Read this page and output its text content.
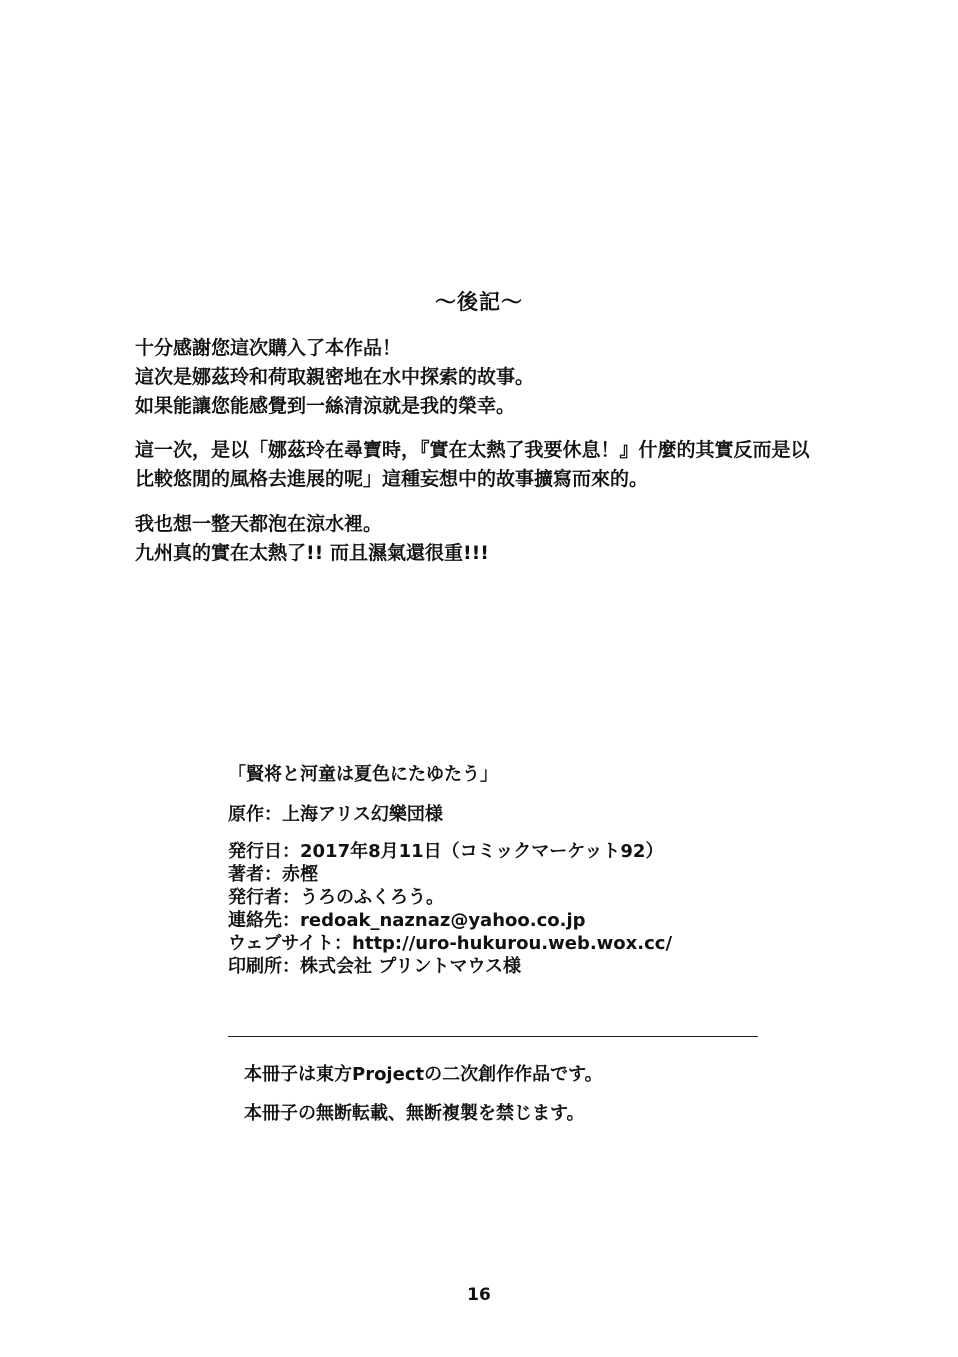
～後記～
十分感謝您這次購入了本作品！
這次是娜茲玲和荷取親密地在水中探索的故事。
如果能讓您能感覺到一絲清涼就是我的榮幸。
這一次，是以「娜茲玲在尋寶時，『實在太熱了我要休息！』什麼的其實反而是以
比較悠閒的風格去進展的呢」這種妄想中的故事擴寫而來的。
我也想一整天都泡在涼水裡。
九州真的實在太熱了!! 而且濕氣還很重!!!
「賢将と河童は夏色にたゆたう」
原作：上海アリス幻樂団様
発行日：2017年8月11日（コミックマーケット92）
著者：赤樫
発行者：うろのふくろう。
連絡先：redoak_naznaz@yahoo.co.jp
ウェブサイト：http://uro-hukurou.web.wox.cc/
印刷所：株式会社 プリントマウス様
本冊子は東方Projectの二次創作作品です。
本冊子の無断転載、無断複製を禁じます。
16
